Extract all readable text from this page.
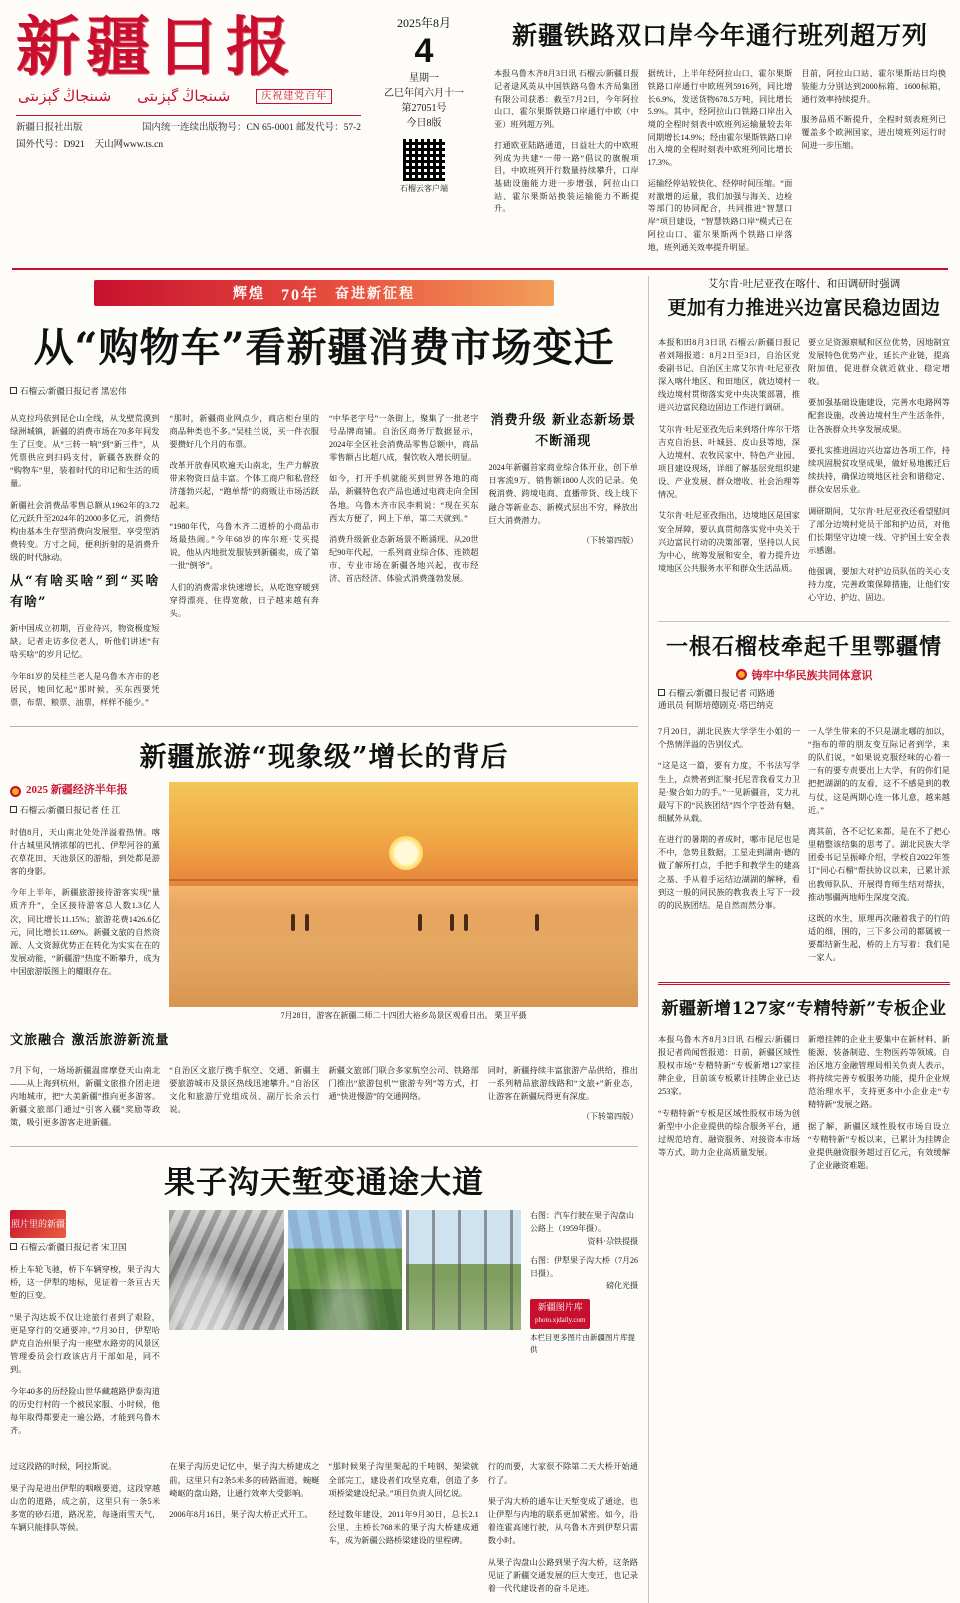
新疆日报
شىنجاڭ گېزىتى شىنجاڭ گېزىتى	庆祝建党百年
新疆日报社出版	国内统一连续出版物号：CN 65-0001 邮发代号：57-2
国外代号：D921 天山网www.ts.cn
2025年8月
4
星期一
乙巳年闰六月十一
第27051号
今日8版
石榴云客户端
新疆铁路双口岸今年通行班列超万列

本报乌鲁木齐8月3日讯 石榴云/新疆日报记者逯风英从中国铁路乌鲁木齐局集团有限公司获悉：截至7月2日，今年阿拉山口、霍尔果斯铁路口岸通行中欧（中亚）班列超万列。

打通欧亚陆路通道，日益壮大的中欧班列成为共建“一带一路”倡议的旗舰项目，中欧班列开行数量持续攀升，口岸基础设施能力进一步增强，阿拉山口站、霍尔果斯站换装运输能力不断提升。

据统计，上半年经阿拉山口、霍尔果斯铁路口岸通行中欧班列5916列，同比增长6.9%，发送货物678.5万吨，同比增长5.9%。其中，经阿拉山口铁路口岸出入境的全程时刻表中欧班列运输量较去年同期增长14.9%；经由霍尔果斯铁路口岸出入境的全程时刻表中欧班列同比增长17.3%。

运输经停站较快化、经停时间压缩。“面对激增的运量，我们加强与海关、边检等部门的协同配合，共同推进“智慧口岸”项目建设，“智慧铁路口岸”模式已在阿拉山口、霍尔果斯两个铁路口岸落地，班列通关效率提升明显。

目前，阿拉山口站、霍尔果斯站日均换装能力分别达到2000标箱、1600标箱，通行效率持续提升。

服务品质不断提升，全程时刻表班列已覆盖多个欧洲国家，进出境班列运行时间进一步压缩。

辉煌 70年 奋进新征程
从“购物车”看新疆消费市场变迁
石榴云/新疆日报记者 黑宏伟

从克拉玛依到昆仑山全线，从戈壁荒漠到绿洲城镇，新疆的消费市场在70多年间发生了巨变。从“三转一响”到“新三件”，从凭票供应到扫码支付，新疆各族群众的“购物车”里，装着时代的印记和生活的质量。

新疆社会消费品零售总额从1962年的3.72亿元跃升至2024年的2000多亿元，消费结构由基本生存型消费向发展型、享受型消费转变。方寸之间，便利折射的是消费升级的时代脉动。

从“有啥买啥”到“买啥有啥”

新中国成立初期，百业待兴，物资极度短缺。记者走访多位老人，听他们讲述“有啥买啥”的岁月记忆。

今年81岁的吴桂兰老人是乌鲁木齐市的老居民，她回忆起“那时候，买东西要凭票，布票、粮票、油票，样样不能少。”

“那时，新疆商业网点少，商店柜台里的商品种类也不多。”吴桂兰说，买一件衣服要攒好几个月的布票。

改革开放春风吹遍天山南北，生产力解放带来物资日益丰富。个体工商户和私营经济蓬勃兴起，“跑单帮”的商贩让市场活跃起来。

“1980年代，乌鲁木齐二道桥的小商品市场最热闹。”今年68岁的库尔班·艾买提说，他从内地批发服装到新疆卖，成了第一批“倒爷”。

人们的消费需求快速增长，从吃饱穿暖到穿得漂亮、住得宽敞，日子越来越有奔头。

“中华老字号”一条街上，聚集了一批老字号品牌商铺。自治区商务厅数据显示，2024年全区社会消费品零售总额中，商品零售额占比超八成，餐饮收入增长明显。

如今，打开手机就能买到世界各地的商品，新疆特色农产品也通过电商走向全国各地。乌鲁木齐市民李莉说：“现在买东西太方便了，网上下单，第二天就到。”

消费升级新业态新场景不断涌现。从20世纪90年代起，一系列商业综合体、连锁超市、专业市场在新疆各地兴起，夜市经济、首店经济、体验式消费蓬勃发展。

消费升级 新业态新场景不断涌现

2024年新疆首家商业综合体开业，创下单日客流9万、销售额1800人次的记录。免税消费、跨境电商、直播带货、线上线下融合等新业态、新模式层出不穷，释放出巨大消费潜力。

（下转第四版）
新疆旅游“现象级”增长的背后
2025 新疆经济半年报
石榴云/新疆日报记者 任 江

时值8月，天山南北处处洋溢着热情。喀什古城里风情浓郁的巴扎、伊犁河谷的薰衣草花田、天池景区的游船，到处都是游客的身影。

今年上半年，新疆旅游接待游客实现“量质齐升”，全区接待游客总人数1.3亿人次，同比增长11.15%；旅游花费1426.6亿元，同比增长11.69%。新疆文旅的自然资源、人文资源优势正在转化为实实在在的发展动能，“新疆游”热度不断攀升，成为中国旅游版图上的耀眼存在。

7月28日，游客在新疆二师二十四团大裕乡岛景区观看日出。 栗卫平摄
文旅融合 激活旅游新流量

7月下旬，一场场新疆温席摩登天山南北——从上海到杭州，新疆文旅推介团走进内地城市，把“大美新疆”推向更多游客。新疆文旅部门通过“引客入疆”奖励等政策，吸引更多游客走进新疆。

“自治区文旅厅携手航空、交通、新疆主要旅游城市及景区热线迅速攀升。”自治区文化和旅游厅党组成员、副厅长余云行说。

新疆文旅部门联合多家航空公司、铁路部门推出“旅游包机”“旅游专列”等方式，打通“快进慢游”的交通网络。

同时，新疆持续丰富旅游产品供给，推出一系列精品旅游线路和“文旅+”新业态，让游客在新疆玩得更有深度。

（下转第四版）
果子沟天堑变通途大道
照片里的新疆
石榴云/新疆日报记者 宋卫国

桥上车轮飞驰，桥下车辆穿梭，果子沟大桥，这一伊犁的地标，见证着一条亘古天堑的巨变。

“果子沟达坂不仅让途旅行者到了艰险，更是穿行的交通要冲。”7月30日，伊犁哈萨克自治州果子沟一座壁水路旁的风景区管理委员会行政该店月干部如是，同不到。

今年40多的历经险山世华藏越路伊泰沟道的历史行村的一个被民家服、小时候，他每年取得都要走一遍公路，才能到乌鲁木齐。

右图：汽车行驶在果子沟盘山公路上（1959年摄）。
资料·尕铁提摄
右图：伊犁果子沟大桥（7月26日摄）。
磅化光摄
新疆图片库
photo.xjdaily.com
本栏目更多图片由新疆图片库提供

过这段路的时候，阿拉斯说。

果子沟是进出伊犁的咽喉要道，这段穿越山峦的道路，成之前，这里只有一条5米多宽的砂石道，路况差，每逢雨雪天气，车辆只能排队等候。

在果子沟历史记忆中，果子沟大桥建成之前，这里只有2条5米多的砖路面道，蜿蜒崎岖的盘山路，让通行效率大受影响。

2006年8月16日，果子沟大桥正式开工。

“那时候果子沟里架起的千吨钢、架梁就全部完工，建设者们攻坚克难，创造了多项桥梁建设纪录。”项目负责人回忆说。

经过数年建设，2011年9月30日，总长2.1公里、主桥长768米的果子沟大桥建成通车，成为新疆公路桥梁建设的里程碑。

行的而要，大家很不除第二天大桥开始通行了。

果子沟大桥的通车让天堑变成了通途，也让伊犁与内地的联系更加紧密。如今，沿着连霍高速行驶，从乌鲁木齐到伊犁只需数小时。

从果子沟盘山公路到果子沟大桥，这条路见证了新疆交通发展的巨大变迁，也记录着一代代建设者的奋斗足迹。

艾尔肯·吐尼亚孜在喀什、和田调研时强调
更加有力推进兴边富民稳边固边

本报和田8月3日讯 石榴云/新疆日报记者刘翔报道：8月2日至3日，自治区党委副书记、自治区主席艾尔肯·吐尼亚孜深入喀什地区、和田地区，就边境村一线边境村贯彻落实党中央决策部署，推进兴边富民稳边固边工作进行调研。

艾尔肯·吐尼亚孜先后来到塔什库尔干塔吉克自治县、叶城县、皮山县等地，深入边境村、农牧民家中、特色产业园、项目建设现场，详细了解基层党组织建设、产业发展、群众增收、社会治理等情况。

艾尔肯·吐尼亚孜指出，边境地区是国家安全屏障，要认真贯彻落实党中央关于兴边富民行动的决策部署，坚持以人民为中心，统筹发展和安全，着力提升边境地区公共服务水平和群众生活品质。

要立足资源禀赋和区位优势，因地制宜发展特色优势产业，延长产业链，提高附加值，促进群众就近就业、稳定增收。

要加强基础设施建设，完善水电路网等配套设施，改善边境村生产生活条件，让各族群众共享发展成果。

要扎实推进固边兴边富边各项工作，持续巩固脱贫攻坚成果，做好易地搬迁后续扶持，确保边境地区社会和谐稳定、群众安居乐业。

调研期间，艾尔肯·吐尼亚孜还看望慰问了部分边境村党员干部和护边员，对他们长期坚守边境一线、守护国土安全表示感谢。

他强调，要加大对护边员队伍的关心支持力度，完善政策保障措施，让他们安心守边、护边、固边。

一根石榴枝牵起千里鄂疆情
铸牢中华民族共同体意识
石榴云/新疆日报记者 司路通
通讯员 何斯培德剧克·塔巴纳克

7月20日，湖北民族大学学生小姐的一个热情洋溢的告别仪式。

“这是这一篇，要有力度，不书法写学生上，点赞者到汇聚·托尼青我看艾力卫是·聚合如力的手。”一见新疆音，艾力礼最写下的“民族团结”四个字苍劲有魅，细腻外从载。

在进行的暑期的者成时，哪市昆尼也是不中，急势且数据，工星走到湖南·德的做了解所打点，手把手和教学生的建高之基、手从着手运结边湖湖的解释，看到这一般的同民族的教我表上写下一段的的民族团结。是自然而然分事。

一人学生带来的不只是湖北哪的加以，“指布的带的朋友变互际记者到学，来的队们说，“如果说克服经味的心着一一有的要专责要出上大学，有的你们是把把湖湖的的友看，这不不感是到的教与仗，这是两期心连一体儿意，越来越近。”

离其前，各不记忆来都，是在不了把心里精整该结集的思考了。湖北民族大学团委书记呈振峰介绍，学校自2022年签订“同心石榴”帮扶协议以来，已累计派出教师队队、开展得育师生结对帮扶，推动鄂疆两地师生深度交流。

这既的水生，原理再次融着我子的行的适的细，围的，三下多公司的都属被一要都结新生起，桥的上方写着：我们是一家人。

新疆新增127家“专精特新”专板企业

本报乌鲁木齐8月3日讯 石榴云/新疆日报记者尚闻哲报道：日前，新疆区域性股权市场“专精特新”专板新增127家挂牌企业，目前该专板累计挂牌企业已达253家。

“专精特新”专板是区域性股权市场为创新型中小企业提供的综合服务平台，通过规范培育、融资服务、对接资本市场等方式，助力企业高质量发展。

新增挂牌的企业主要集中在新材料、新能源、装备制造、生物医药等领域。自治区地方金融管理局相关负责人表示，将持续完善专板服务功能，提升企业规范治理水平，支持更多中小企业走“专精特新”发展之路。

据了解，新疆区域性股权市场自设立“专精特新”专板以来，已累计为挂牌企业提供融资服务超过百亿元，有效缓解了企业融资难题。
